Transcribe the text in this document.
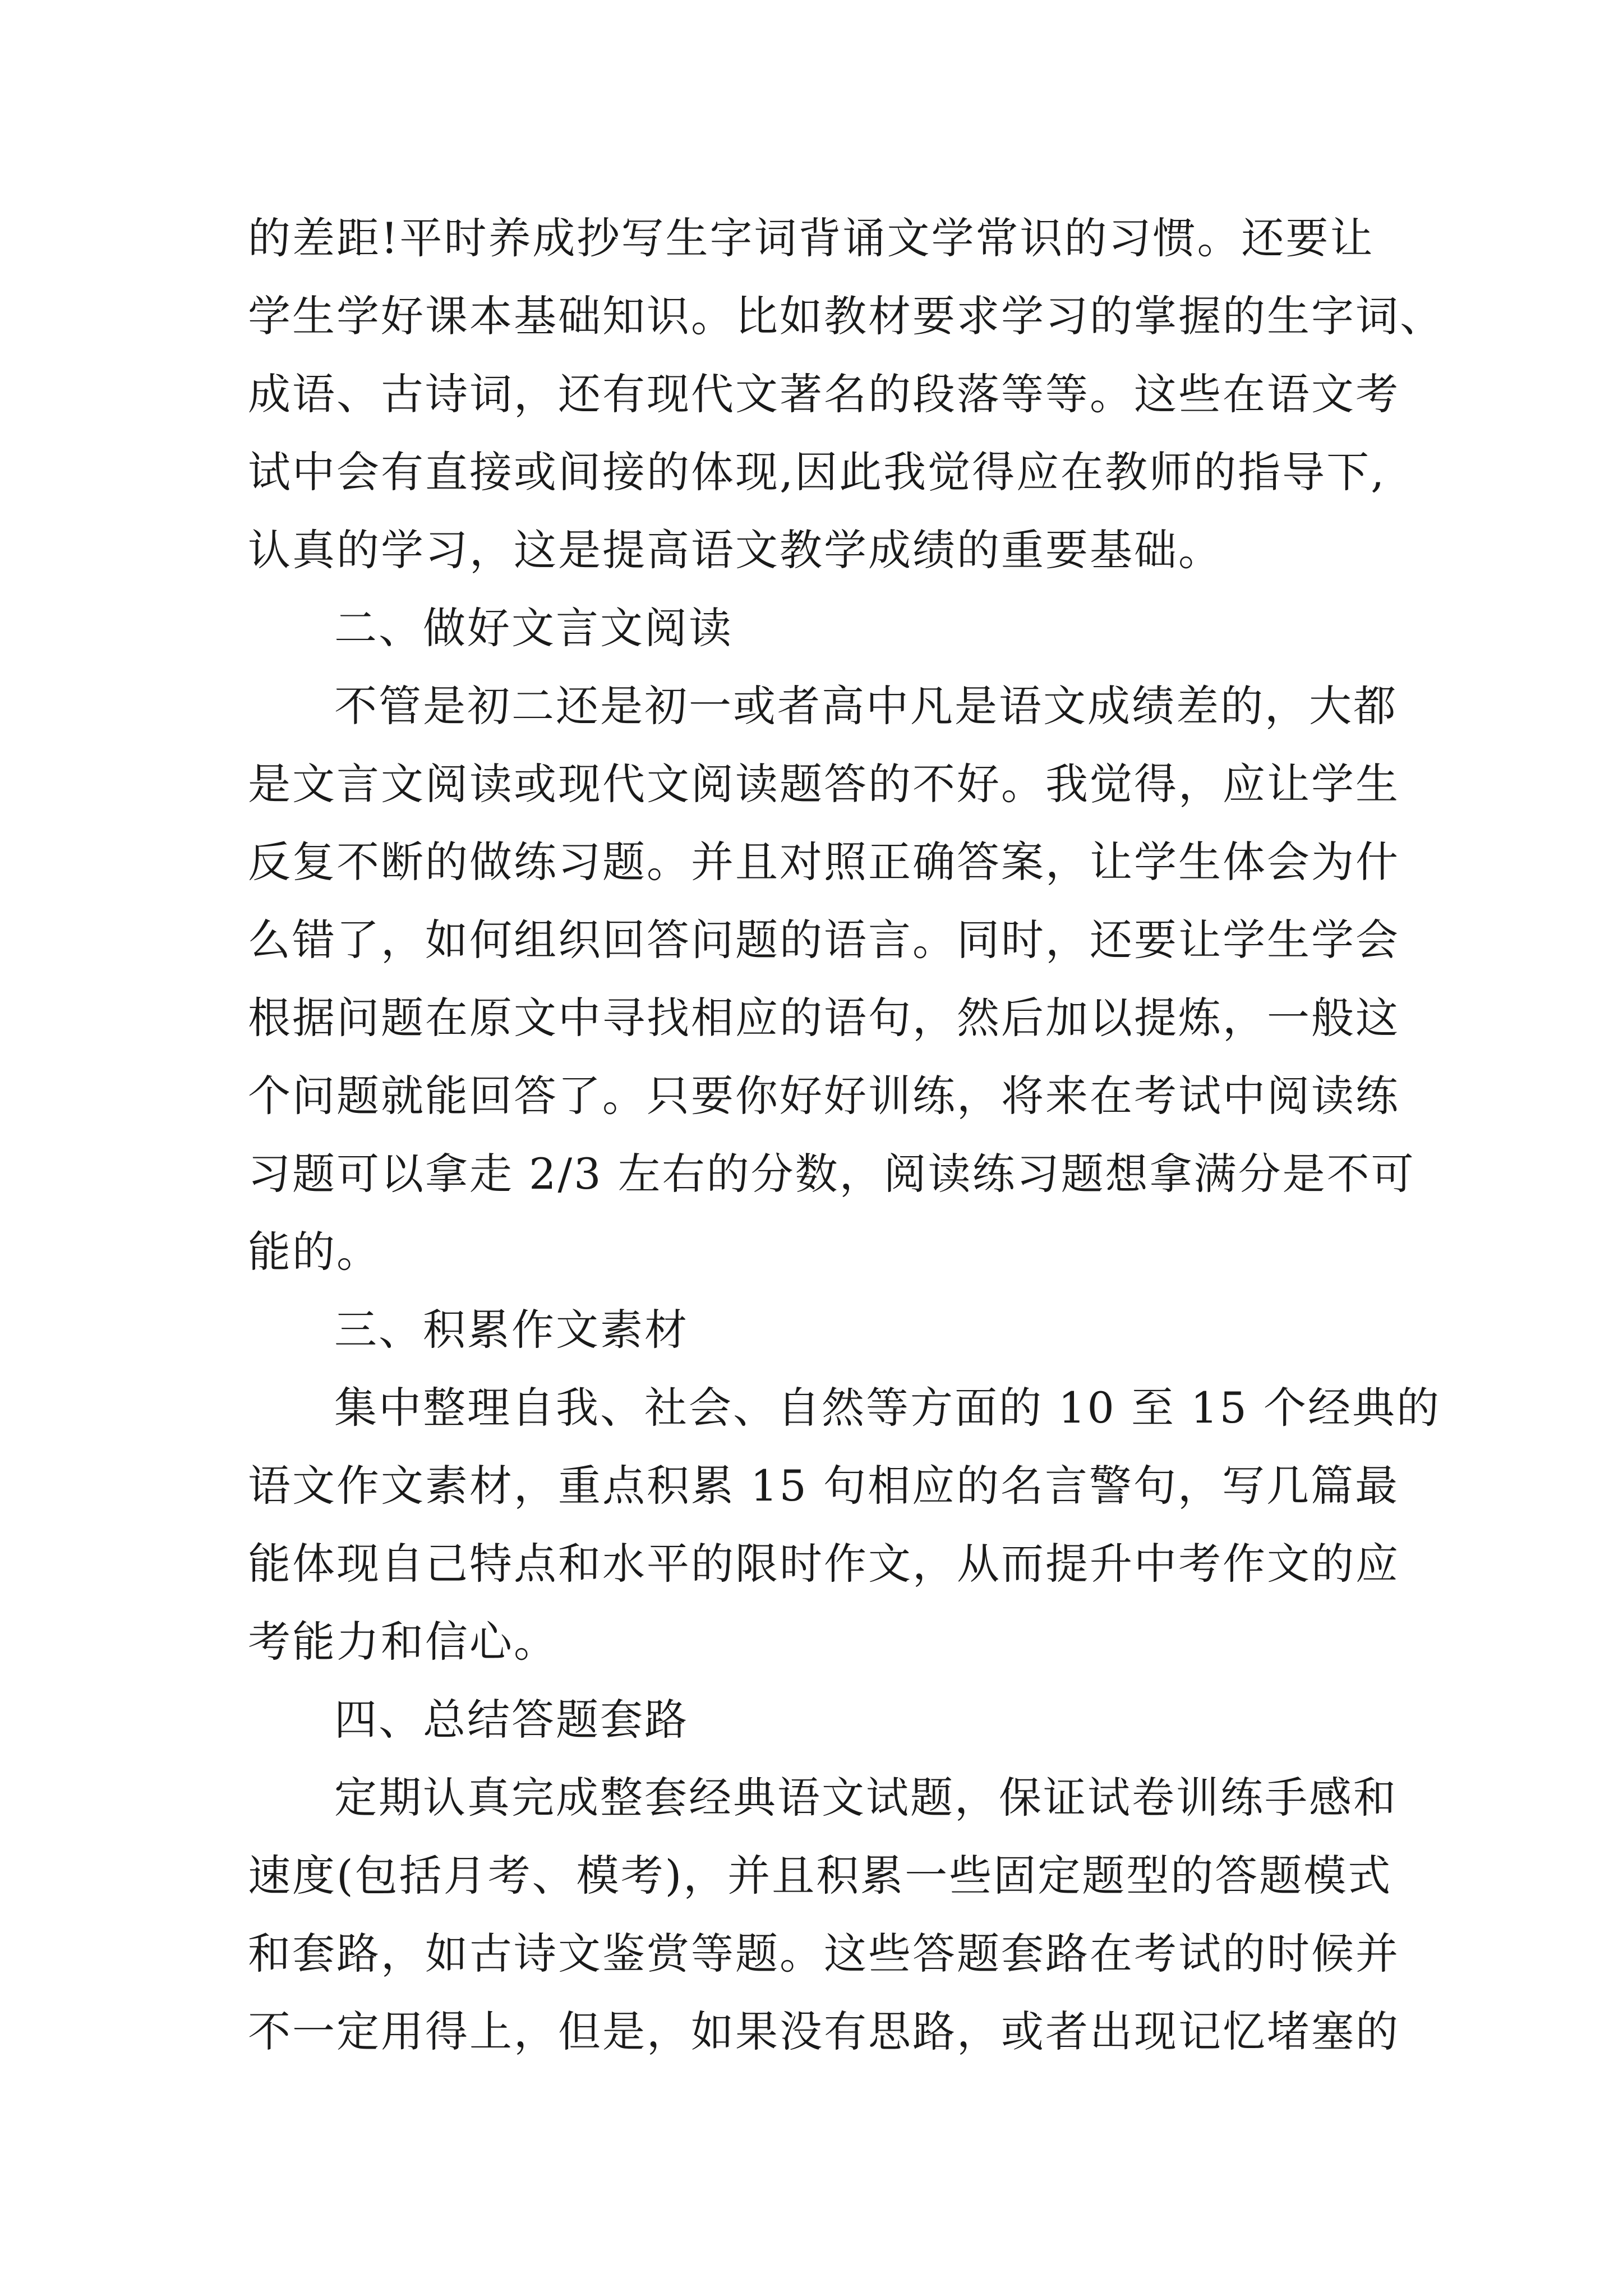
的差距!平时养成抄写生字词背诵文学常识的习惯。还要让
学生学好课本基础知识。比如教材要求学习的掌握的生字词、
成语、古诗词，还有现代文著名的段落等等。这些在语文考
试中会有直接或间接的体现,因此我觉得应在教师的指导下,
认真的学习，这是提高语文教学成绩的重要基础。
二、做好文言文阅读
不管是初二还是初一或者高中凡是语文成绩差的，大都
是文言文阅读或现代文阅读题答的不好。我觉得，应让学生
反复不断的做练习题。并且对照正确答案，让学生体会为什
么错了，如何组织回答问题的语言。同时，还要让学生学会
根据问题在原文中寻找相应的语句，然后加以提炼，一般这
个问题就能回答了。只要你好好训练，将来在考试中阅读练
习题可以拿走 2/3 左右的分数，阅读练习题想拿满分是不可
能的。
三、积累作文素材
集中整理自我、社会、自然等方面的 10 至 15 个经典的
语文作文素材，重点积累 15 句相应的名言警句，写几篇最
能体现自己特点和水平的限时作文，从而提升中考作文的应
考能力和信心。
四、总结答题套路
定期认真完成整套经典语文试题，保证试卷训练手感和
速度(包括月考、模考)，并且积累一些固定题型的答题模式
和套路，如古诗文鉴赏等题。这些答题套路在考试的时候并
不一定用得上，但是，如果没有思路，或者出现记忆堵塞的
